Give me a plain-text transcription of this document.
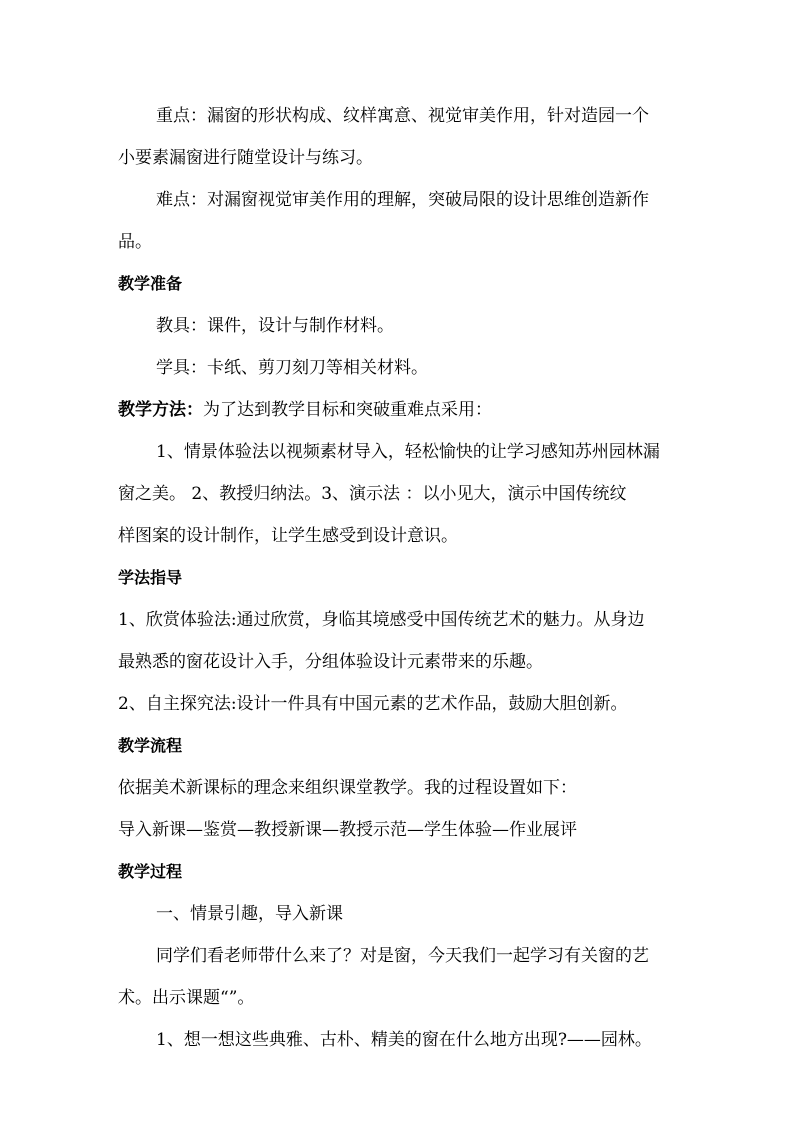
重点：漏窗的形状构成、纹样寓意、视觉审美作用，针对造园一个
小要素漏窗进行随堂设计与练习。
难点：对漏窗视觉审美作用的理解，突破局限的设计思维创造新作
品。
教学准备
教具：课件，设计与制作材料。
学具：卡纸、剪刀刻刀等相关材料。
教学方法：为了达到教学目标和突破重难点采用：
1、情景体验法以视频素材导入，轻松愉快的让学习感知苏州园林漏
窗之美。 2、教授归纳法。3、演示法 ：以小见大，演示中国传统纹
样图案的设计制作，让学生感受到设计意识。
学法指导
1、欣赏体验法:通过欣赏，身临其境感受中国传统艺术的魅力。从身边
最熟悉的窗花设计入手，分组体验设计元素带来的乐趣。
2、自主探究法:设计一件具有中国元素的艺术作品，鼓励大胆创新。
教学流程
依据美术新课标的理念来组织课堂教学。我的过程设置如下：
导入新课—鉴赏—教授新课—教授示范—学生体验—作业展评
教学过程
一、情景引趣，导入新课
同学们看老师带什么来了？对是窗，今天我们一起学习有关窗的艺
术。出示课题“”。
1、想一想这些典雅、古朴、精美的窗在什么地方出现?——园林。
